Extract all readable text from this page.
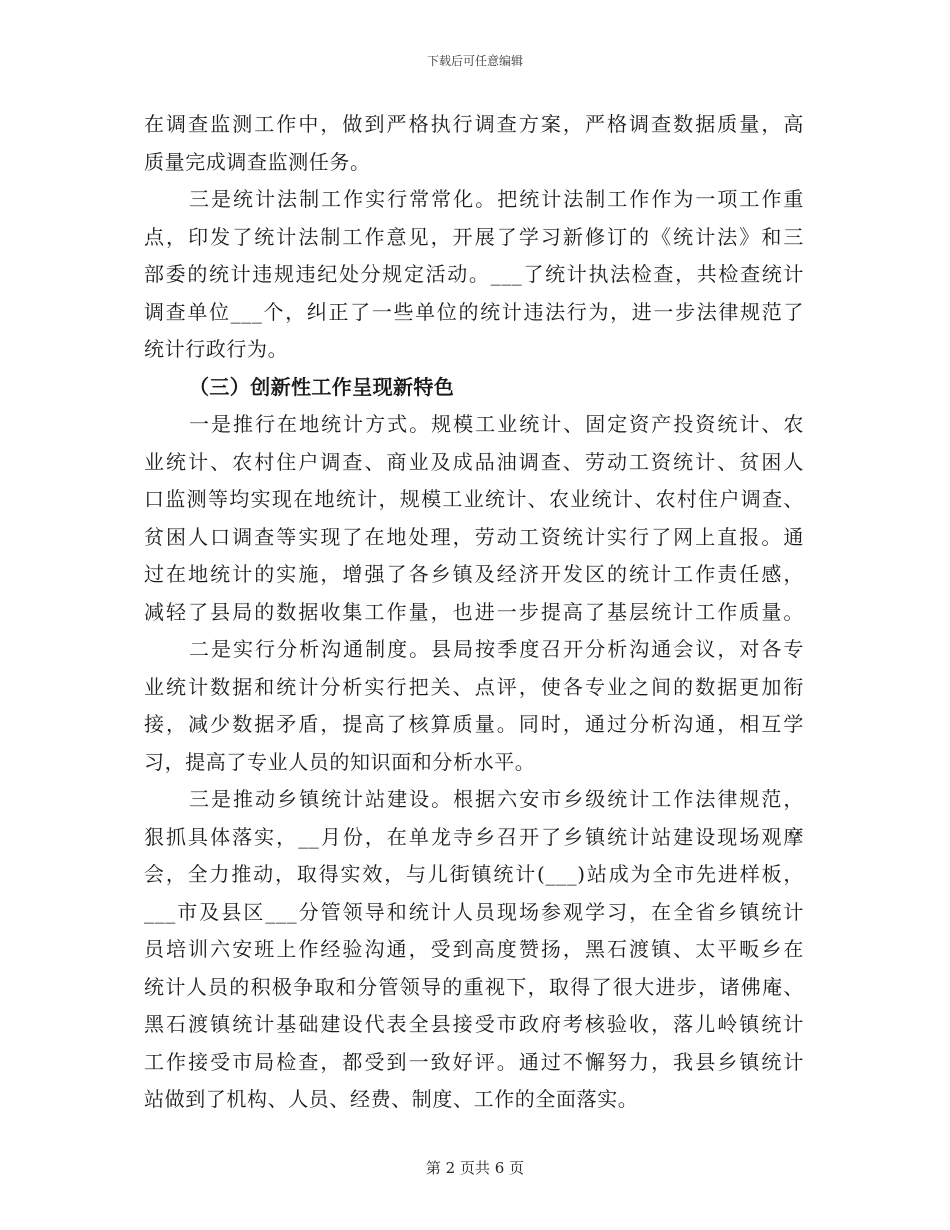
下载后可任意编辑
在调查监测工作中，做到严格执行调查方案，严格调查数据质量，高
质量完成调查监测任务。
三是统计法制工作实行常常化。把统计法制工作作为一项工作重
点，印发了统计法制工作意见，开展了学习新修订的《统计法》和三
部委的统计违规违纪处分规定活动。___了统计执法检查，共检查统计
调查单位___个，纠正了一些单位的统计违法行为，进一步法律规范了
统计行政行为。
（三）创新性工作呈现新特色
一是推行在地统计方式。规模工业统计、固定资产投资统计、农
业统计、农村住户调查、商业及成品油调查、劳动工资统计、贫困人
口监测等均实现在地统计，规模工业统计、农业统计、农村住户调查、
贫困人口调查等实现了在地处理，劳动工资统计实行了网上直报。通
过在地统计的实施，增强了各乡镇及经济开发区的统计工作责任感，
减轻了县局的数据收集工作量，也进一步提高了基层统计工作质量。
二是实行分析沟通制度。县局按季度召开分析沟通会议，对各专
业统计数据和统计分析实行把关、点评，使各专业之间的数据更加衔
接，减少数据矛盾，提高了核算质量。同时，通过分析沟通，相互学
习，提高了专业人员的知识面和分析水平。
三是推动乡镇统计站建设。根据六安市乡级统计工作法律规范，
狠抓具体落实，__月份，在单龙寺乡召开了乡镇统计站建设现场观摩
会，全力推动，取得实效，与儿街镇统计(___)站成为全市先进样板，
___市及县区___分管领导和统计人员现场参观学习，在全省乡镇统计
员培训六安班上作经验沟通，受到高度赞扬，黑石渡镇、太平畈乡在
统计人员的积极争取和分管领导的重视下，取得了很大进步，诸佛庵、
黑石渡镇统计基础建设代表全县接受市政府考核验收，落儿岭镇统计
工作接受市局检查，都受到一致好评。通过不懈努力，我县乡镇统计
站做到了机构、人员、经费、制度、工作的全面落实。
第 2 页共 6 页
